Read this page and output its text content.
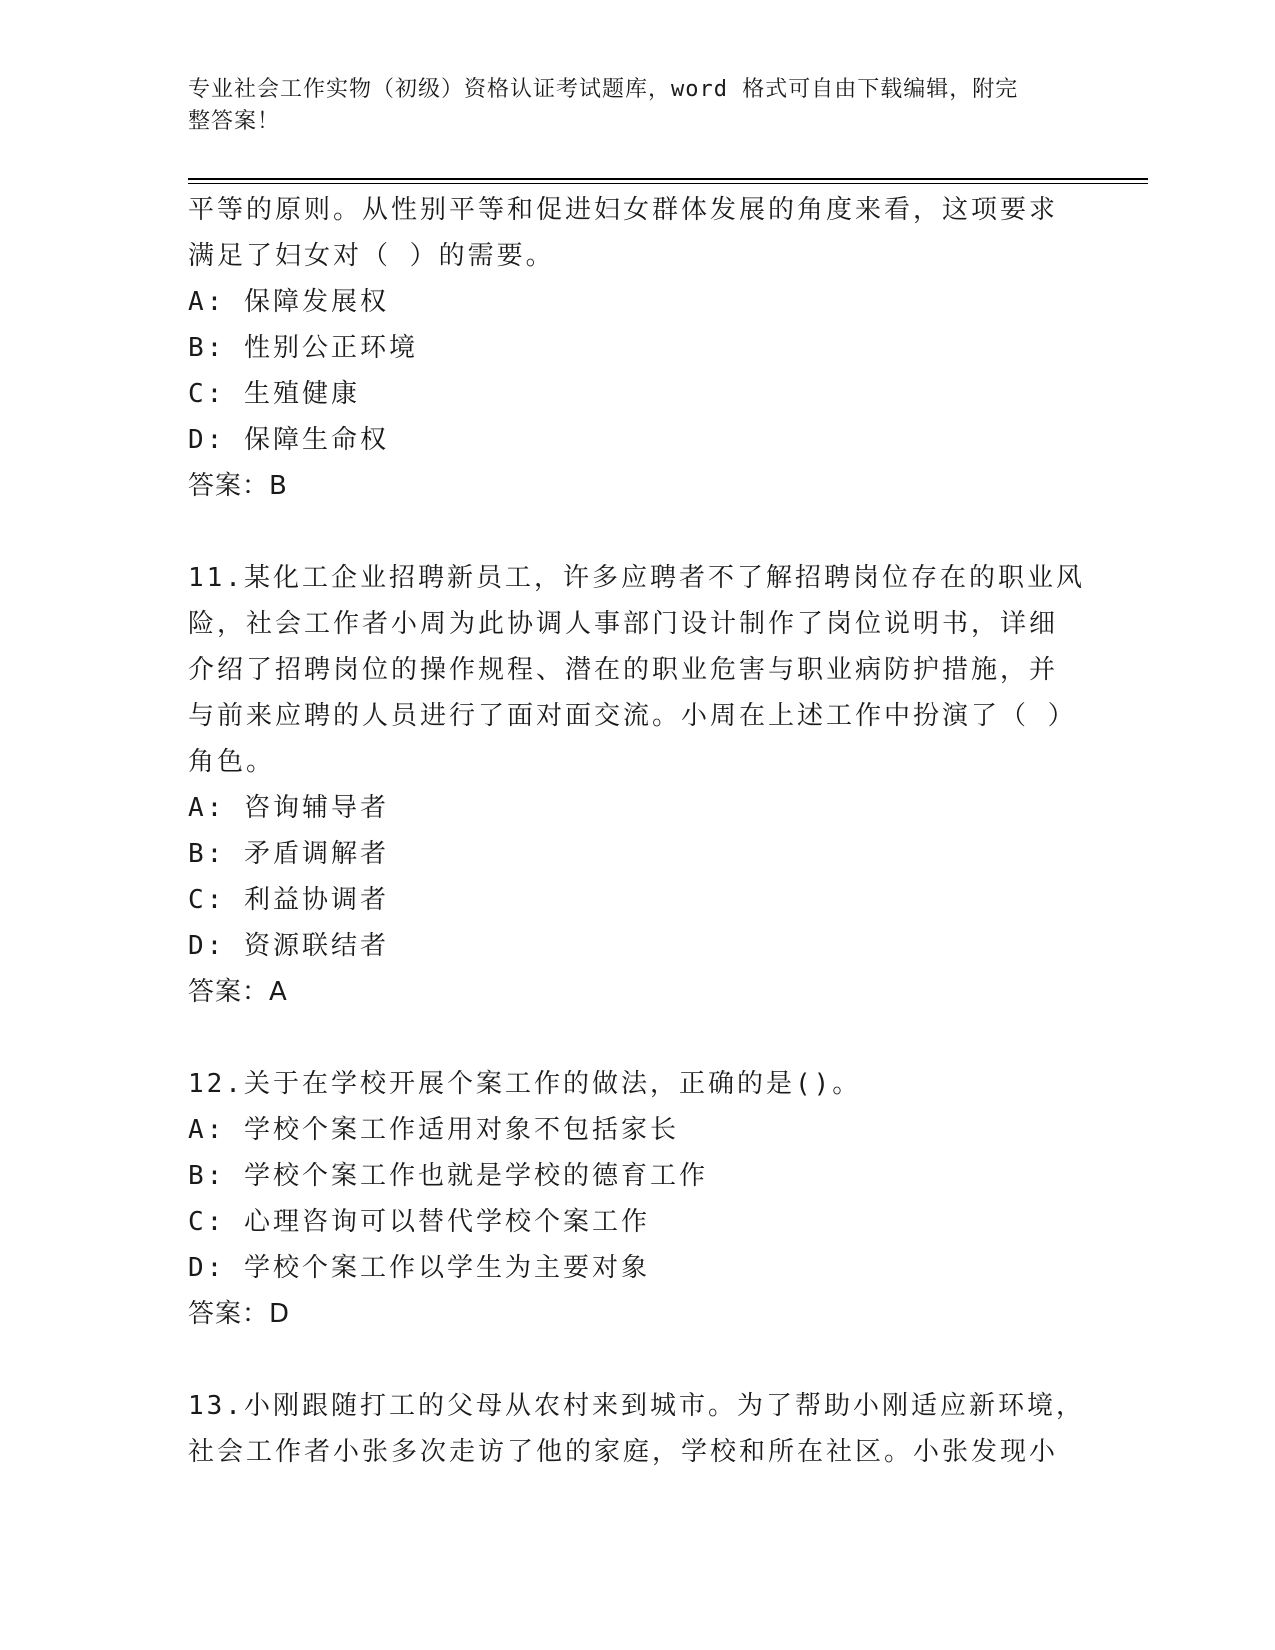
专业社会工作实物（初级）资格认证考试题库，word 格式可自由下载编辑，附完
整答案！
平等的原则。从性别平等和促进妇女群体发展的角度来看，这项要求
满足了妇女对（ ）的需要。
A: 保障发展权
B: 性别公正环境
C: 生殖健康
D: 保障生命权
答案：B
11.某化工企业招聘新员工，许多应聘者不了解招聘岗位存在的职业风
险，社会工作者小周为此协调人事部门设计制作了岗位说明书，详细
介绍了招聘岗位的操作规程、潜在的职业危害与职业病防护措施，并
与前来应聘的人员进行了面对面交流。小周在上述工作中扮演了（ ）
角色。
A: 咨询辅导者
B: 矛盾调解者
C: 利益协调者
D: 资源联结者
答案：A
12.关于在学校开展个案工作的做法，正确的是()。
A: 学校个案工作适用对象不包括家长
B: 学校个案工作也就是学校的德育工作
C: 心理咨询可以替代学校个案工作
D: 学校个案工作以学生为主要对象
答案：D
13.小刚跟随打工的父母从农村来到城市。为了帮助小刚适应新环境，
社会工作者小张多次走访了他的家庭，学校和所在社区。小张发现小
